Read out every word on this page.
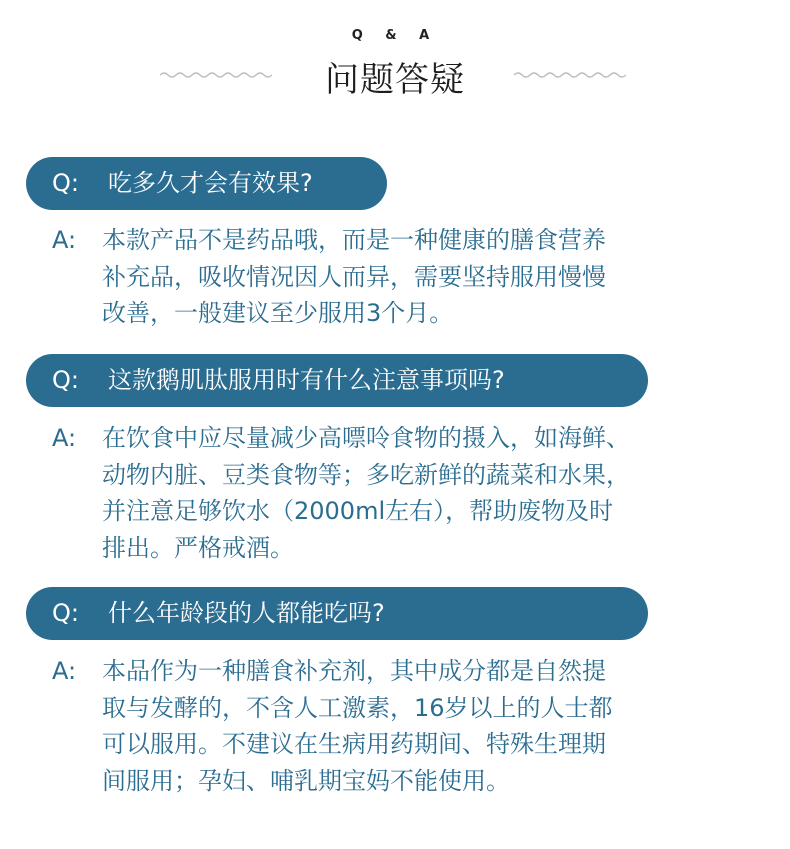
Q & A
问题答疑
Q: 吃多久才会有效果?
A:	本款产品不是药品哦，而是一种健康的膳食营养
补充品，吸收情况因人而异，需要坚持服用慢慢
改善，一般建议至少服用3个月。
Q: 这款鹅肌肽服用时有什么注意事项吗?
A:	在饮食中应尽量减少高嘌呤食物的摄入，如海鲜、
动物内脏、豆类食物等；多吃新鲜的蔬菜和水果，
并注意足够饮水（2000ml左右），帮助废物及时
排出。严格戒酒。
Q: 什么年龄段的人都能吃吗?
A:	本品作为一种膳食补充剂，其中成分都是自然提
取与发酵的，不含人工激素，16岁以上的人士都
可以服用。不建议在生病用药期间、特殊生理期
间服用；孕妇、哺乳期宝妈不能使用。
